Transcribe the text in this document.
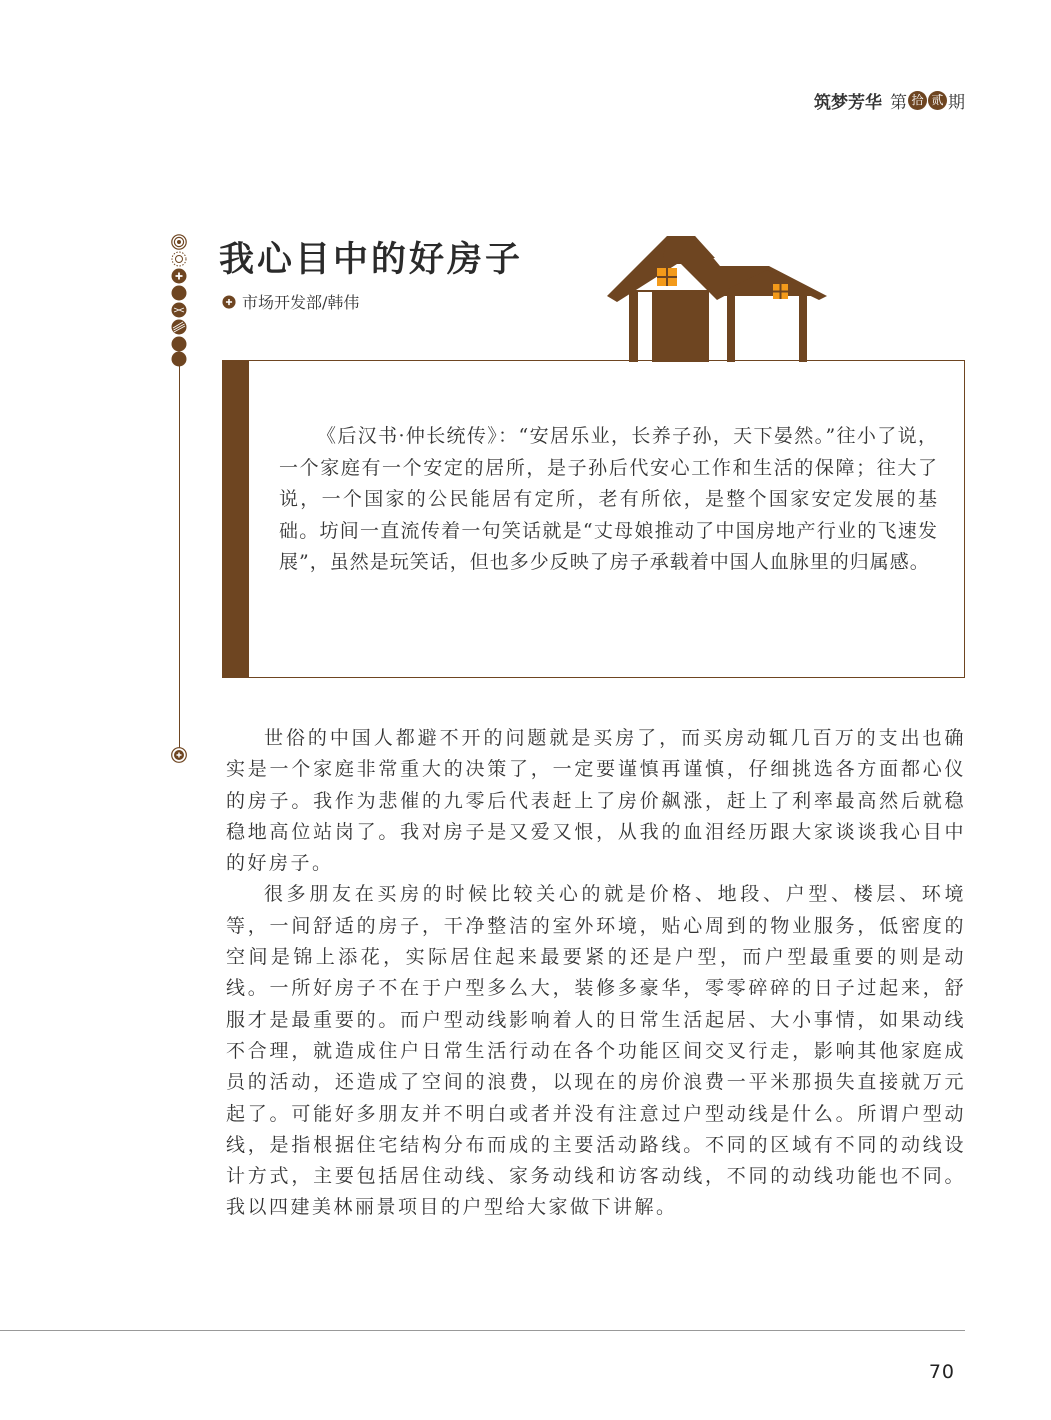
筑梦芳华 第 拾 贰 期
我心目中的好房子
市场开发部/韩伟

《后汉书·仲长统传》：“安居乐业，长养子孙，天下晏然。”往小了说，一个家庭有一个安定的居所，是子孙后代安心工作和生活的保障；往大了说，一个国家的公民能居有定所，老有所依，是整个国家安定发展的基础。坊间一直流传着一句笑话就是“丈母娘推动了中国房地产行业的飞速发展”，虽然是玩笑话，但也多少反映了房子承载着中国人血脉里的归属感。

世俗的中国人都避不开的问题就是买房了，而买房动辄几百万的支出也确实是一个家庭非常重大的决策了，一定要谨慎再谨慎，仔细挑选各方面都心仪的房子。我作为悲催的九零后代表赶上了房价飙涨，赶上了利率最高然后就稳稳地高位站岗了。我对房子是又爱又恨，从我的血泪经历跟大家谈谈我心目中的好房子。

很多朋友在买房的时候比较关心的就是价格、地段、户型、楼层、环境等，一间舒适的房子，干净整洁的室外环境，贴心周到的物业服务，低密度的空间是锦上添花，实际居住起来最要紧的还是户型，而户型最重要的则是动线。一所好房子不在于户型多么大，装修多豪华，零零碎碎的日子过起来，舒服才是最重要的。而户型动线影响着人的日常生活起居、大小事情，如果动线不合理，就造成住户日常生活行动在各个功能区间交叉行走，影响其他家庭成员的活动，还造成了空间的浪费，以现在的房价浪费一平米那损失直接就万元起了。可能好多朋友并不明白或者并没有注意过户型动线是什么。所谓户型动线，是指根据住宅结构分布而成的主要活动路线。不同的区域有不同的动线设计方式，主要包括居住动线、家务动线和访客动线，不同的动线功能也不同。我以四建美林丽景项目的户型给大家做下讲解。

70
